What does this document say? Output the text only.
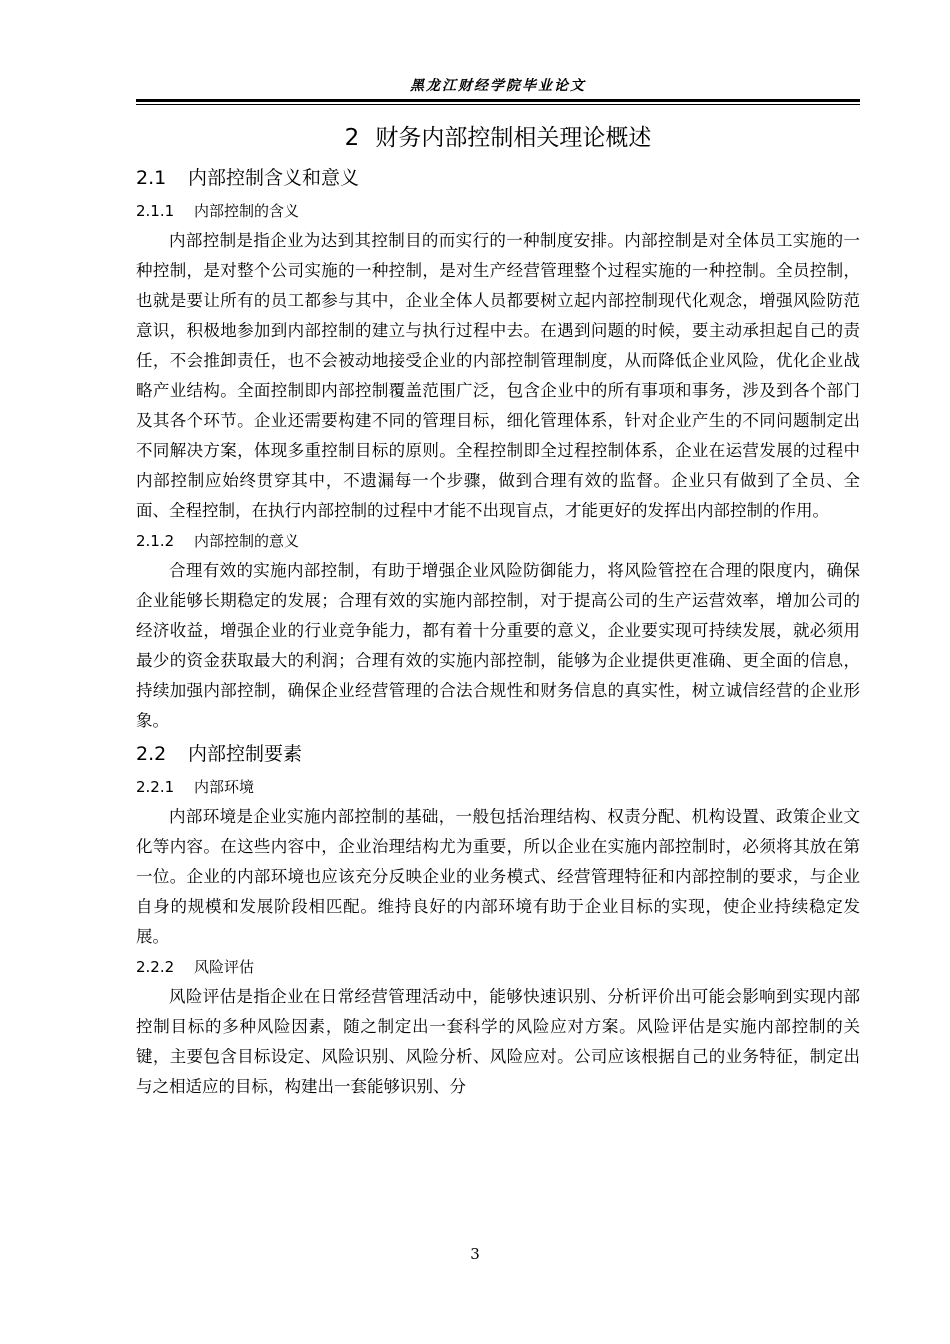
黑龙江财经学院毕业论文
2 财务内部控制相关理论概述
2.1 内部控制含义和意义
2.1.1 内部控制的含义

内部控制是指企业为达到其控制目的而实行的一种制度安排。内部控制是对全体员工实施的一种控制，是对整个公司实施的一种控制，是对生产经营管理整个过程实施的一种控制。全员控制，也就是要让所有的员工都参与其中，企业全体人员都要树立起内部控制现代化观念，增强风险防范意识，积极地参加到内部控制的建立与执行过程中去。在遇到问题的时候，要主动承担起自己的责任，不会推卸责任，也不会被动地接受企业的内部控制管理制度，从而降低企业风险，优化企业战略产业结构。全面控制即内部控制覆盖范围广泛，包含企业中的所有事项和事务，涉及到各个部门及其各个环节。企业还需要构建不同的管理目标，细化管理体系，针对企业产生的不同问题制定出不同解决方案，体现多重控制目标的原则。全程控制即全过程控制体系，企业在运营发展的过程中内部控制应始终贯穿其中，不遗漏每一个步骤，做到合理有效的监督。企业只有做到了全员、全面、全程控制，在执行内部控制的过程中才能不出现盲点，才能更好的发挥出内部控制的作用。

2.1.2 内部控制的意义

合理有效的实施内部控制，有助于增强企业风险防御能力，将风险管控在合理的限度内，确保企业能够长期稳定的发展；合理有效的实施内部控制，对于提高公司的生产运营效率，增加公司的经济收益，增强企业的行业竞争能力，都有着十分重要的意义，企业要实现可持续发展，就必须用最少的资金获取最大的利润；合理有效的实施内部控制，能够为企业提供更准确、更全面的信息，持续加强内部控制，确保企业经营管理的合法合规性和财务信息的真实性，树立诚信经营的企业形象。

2.2 内部控制要素
2.2.1 内部环境

内部环境是企业实施内部控制的基础，一般包括治理结构、权责分配、机构设置、政策企业文化等内容。在这些内容中，企业治理结构尤为重要，所以企业在实施内部控制时，必须将其放在第一位。企业的内部环境也应该充分反映企业的业务模式、经营管理特征和内部控制的要求，与企业自身的规模和发展阶段相匹配。维持良好的内部环境有助于企业目标的实现，使企业持续稳定发展。

2.2.2 风险评估

风险评估是指企业在日常经营管理活动中，能够快速识别、分析评价出可能会影响到实现内部控制目标的多种风险因素，随之制定出一套科学的风险应对方案。风险评估是实施内部控制的关键，主要包含目标设定、风险识别、风险分析、风险应对。公司应该根据自己的业务特征，制定出与之相适应的目标，构建出一套能够识别、分

3
